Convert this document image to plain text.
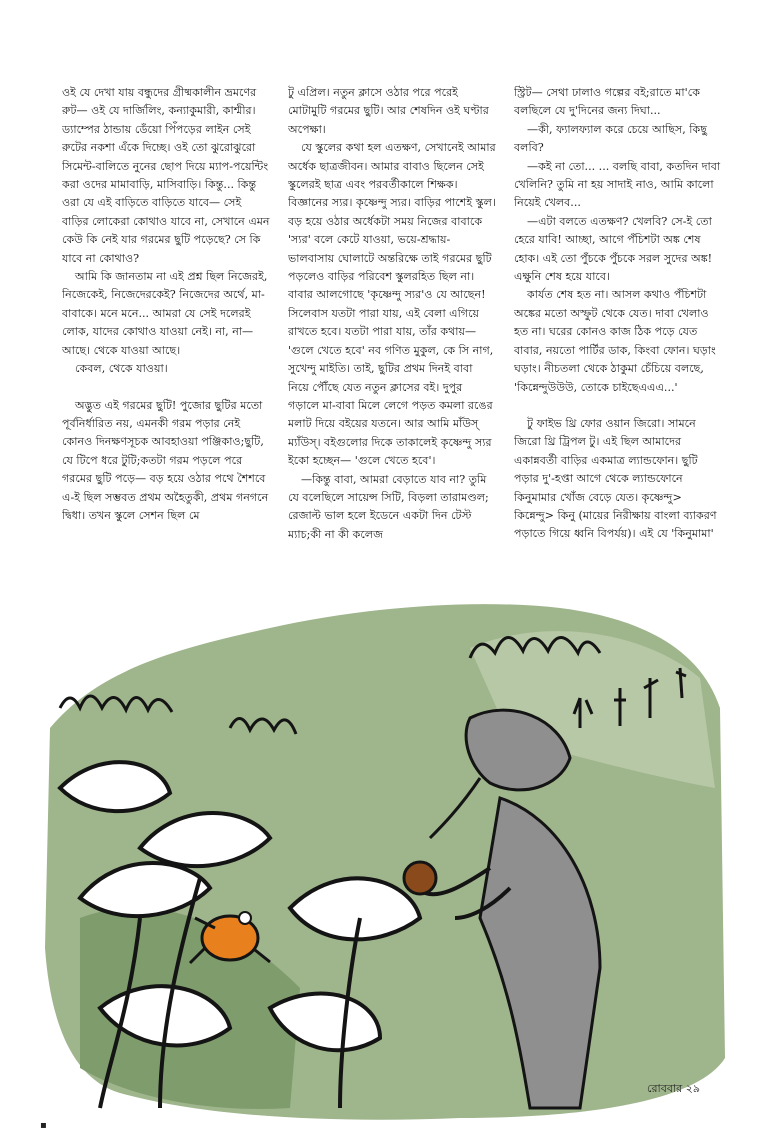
ওই যে দেখা যায় বন্ধুদের গ্রীষ্মকালীন ভ্রমণের রুট— ওই যে দার্জিলিং, কন্যাকুমারী, কাশ্মীর। ড্যাম্পের ঠান্ডায় ডেঁয়ো পিঁপড়ের লাইন সেই রুটের নকশা এঁকে দিচ্ছে। ওই তো ঝুরোঝুরো সিমেন্ট-বালিতে নুনের ছোপ দিয়ে ম্যাপ-পয়েন্টিং করা ওদের মামাবাড়ি, মাসিবাড়ি। কিন্তু... কিন্তু ওরা যে এই বাড়িতে বাড়িতে যাবে— সেই বাড়ির লোকেরা কোথাও যাবে না, সেখানে এমন কেউ কি নেই যার গরমের ছুটি পড়েছে? সে কি যাবে না কোথাও?

আমি কি জানতাম না এই প্রশ্ন ছিল নিজেরই, নিজেকেই, নিজেদেরকেই? নিজেদের অর্থে, মা-বাবাকে। মনে মনে... আমরা যে সেই দলেরই লোক, যাদের কোথাও যাওয়া নেই। না, না— আছে। থেকে যাওয়া আছে।

কেবল, থেকে যাওয়া।

অদ্ভুত এই গরমের ছুটি! পুজোর ছুটির মতো পূর্বনির্ধারিত নয়, এমনকী গরম পড়ার নেই কোনও দিনক্ষণসূচক আবহাওয়া পঞ্জিকাও;ছুটি, যে টিপে ধরে টুটি;কতটা গরম পড়লে পরে গরমের ছুটি পড়ে— বড় হয়ে ওঠার পথে শৈশবে এ-ই ছিল সম্ভবত প্রথম অহৈতুকী, প্রথম গনগনে দ্বিধা। তখন স্কুলে সেশন ছিল মে

টু এপ্রিল। নতুন ক্লাসে ওঠার পরে পরেই মোটামুটি গরমের ছুটি। আর শেষদিন ওই ঘণ্টার অপেক্ষা।

যে স্কুলের কথা হল এতক্ষণ, সেখানেই আমার অর্ধেক ছাত্রজীবন। আমার বাবাও ছিলেন সেই স্কুলেরই ছাত্র এবং পরবর্তীকালে শিক্ষক। বিজ্ঞানের স্যর। কৃষ্ণেন্দু স্যর। বাড়ির পাশেই স্কুল। বড় হয়ে ওঠার অর্ধেকটা সময় নিজের বাবাকে 'স্যর' বলে কেটে যাওয়া, ভয়ে-শ্রদ্ধায়-ভালবাসায় ঘোলাটে অন্তরিক্ষে তাই গরমের ছুটি পড়লেও বাড়ির পরিবেশ স্কুলরহিত ছিল না। বাবার আলগোছে 'কৃষ্ণেন্দু স্যর'ও যে আছেন! সিলেবাস যতটা পারা যায়, এই বেলা এগিয়ে রাখতে হবে। যতটা পারা যায়, তাঁর কথায়— 'গুলে খেতে হবে' নব গণিত মুকুল, কে সি নাগ, সুখেন্দু মাইতি। তাই, ছুটির প্রথম দিনই বাবা নিয়ে পৌঁছে যেত নতুন ক্লাসের বই। দুপুর গড়ালে মা-বাবা মিলে লেগে পড়ত কমলা রঙের মলাট দিয়ে বইয়ের যতনে। আর আমি মাঁউস্ ম্যাঁউস্। বইগুলোর দিকে তাকালেই কৃষ্ণেন্দু স্যর ইকো হচ্ছেন— 'গুলে খেতে হবে'।

—কিন্তু বাবা, আমরা বেড়াতে যাব না? তুমি যে বলেছিলে সায়েন্স সিটি, বিড়লা তারামণ্ডল; রেজাল্ট ভাল হলে ইডেনে একটা দিন টেস্ট ম্যাচ;কী না কী কলেজ

স্ট্রিট— সেথা ঢালাও গল্পের বই;রাতে মা'কে বলছিলে যে দু'দিনের জন্য দিঘা...

—কী, ফ্যালফ্যাল করে চেয়ে আছিস, কিছু বলবি?

—কই না তো... ... বলছি বাবা, কতদিন দাবা খেলিনি? তুমি না হয় সাদাই নাও, আমি কালো নিয়েই খেলব...

—এটা বলতে এতক্ষণ? খেলবি? সে-ই তো হেরে যাবি! আচ্ছা, আগে পঁচিশটা অঙ্ক শেষ হোক। এই তো পুঁচকে পুঁচকে সরল সুদের অঙ্ক! এক্ষুনি শেষ হয়ে যাবে।

কার্যত শেষ হত না। আসল কথাও পঁচিশটা অঙ্কের মতো অস্ফুট থেকে যেত। দাবা খেলাও হত না। ঘরের কোনও কাজ ঠিক পড়ে যেত বাবার, নয়তো পার্টির ডাক, কিংবা ফোন। ঘড়াং ঘড়াং। নীচতলা থেকে ঠাকুমা চেঁচিয়ে বলছে, 'কিন্নেন্দুউউউ, তোকে চাইছেএএএ...'

টু ফাইভ থ্রি ফোর ওয়ান জিরো। সামনে জিরো থ্রি ট্রিপল টু। এই ছিল আমাদের একান্নবর্তী বাড়ির একমাত্র ল্যান্ডফোন। ছুটি পড়ার দু'-হপ্তা আগে থেকে ল্যান্ডফোনে কিনুমামার খোঁজ বেড়ে যেত। কৃষ্ণেন্দু> কিন্নেন্দু> কিনু (মায়ের নিরীক্ষায় বাংলা ব্যাকরণ পড়াতে গিয়ে ধ্বনি বিপর্যয়)। এই যে 'কিনুমামা'

রোববার ২৯
▪
